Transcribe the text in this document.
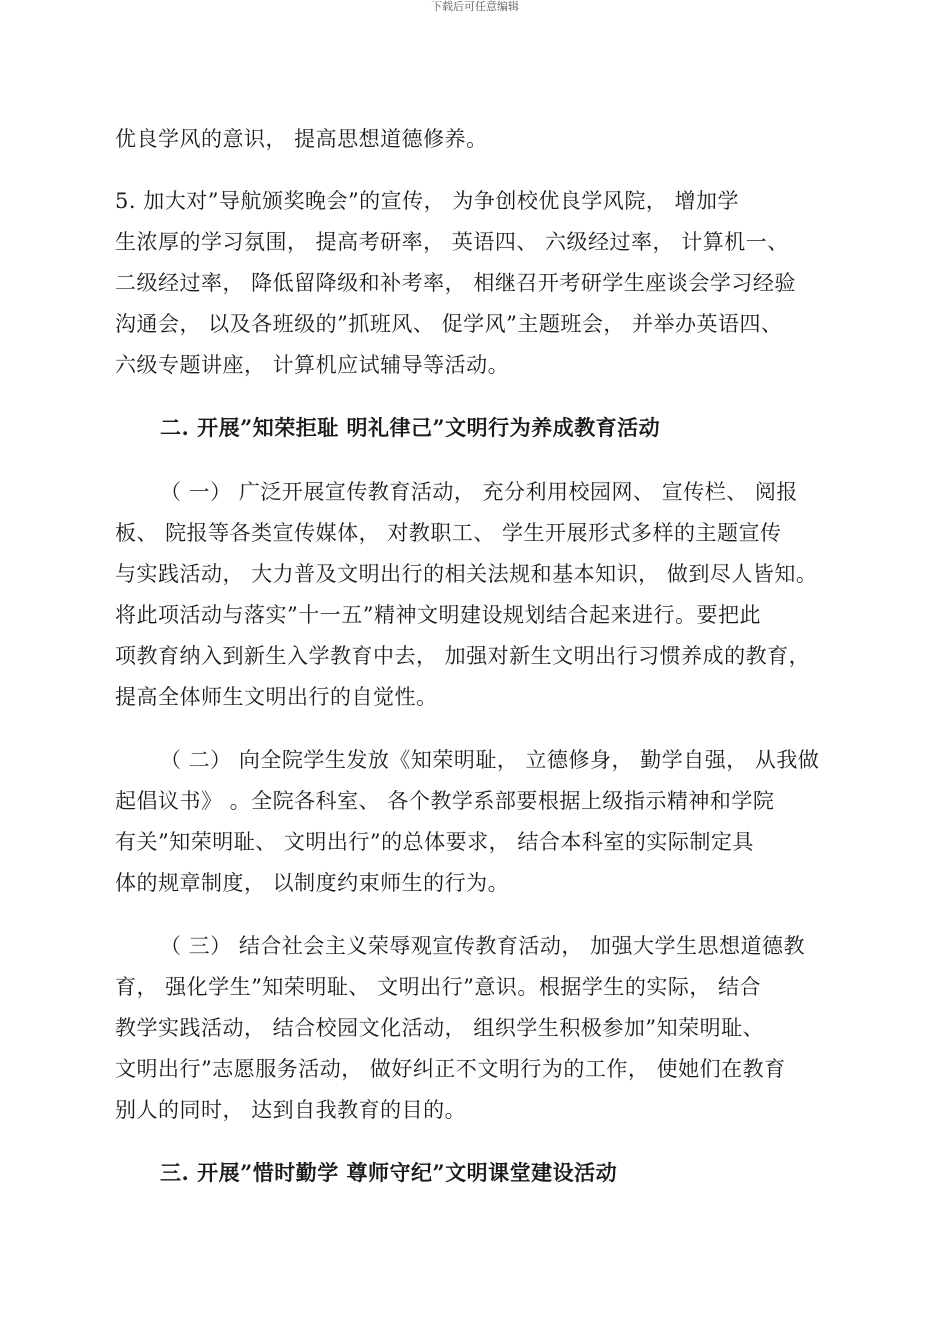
下载后可任意编辑
优良学风的意识， 提高思想道德修养。
5. 加大对”导航颁奖晚会”的宣传， 为争创校优良学风院， 增加学
生浓厚的学习氛围， 提高考研率， 英语四、 六级经过率， 计算机一、
二级经过率， 降低留降级和补考率， 相继召开考研学生座谈会学习经验
沟通会， 以及各班级的”抓班风、 促学风”主题班会， 并举办英语四、
六级专题讲座， 计算机应试辅导等活动。
二. 开展”知荣拒耻 明礼律己”文明行为养成教育活动
（ 一） 广泛开展宣传教育活动， 充分利用校园网、 宣传栏、 阅报
板、 院报等各类宣传媒体， 对教职工、 学生开展形式多样的主题宣传
与实践活动， 大力普及文明出行的相关法规和基本知识， 做到尽人皆知。
将此项活动与落实”十一五”精神文明建设规划结合起来进行。要把此
项教育纳入到新生入学教育中去， 加强对新生文明出行习惯养成的教育，
提高全体师生文明出行的自觉性。
（ 二） 向全院学生发放《知荣明耻， 立德修身， 勤学自强， 从我做
起倡议书》 。全院各科室、 各个教学系部要根据上级指示精神和学院
有关”知荣明耻、 文明出行”的总体要求， 结合本科室的实际制定具
体的规章制度， 以制度约束师生的行为。
（ 三） 结合社会主义荣辱观宣传教育活动， 加强大学生思想道德教
育， 强化学生”知荣明耻、 文明出行”意识。根据学生的实际， 结合
教学实践活动， 结合校园文化活动， 组织学生积极参加”知荣明耻、
文明出行”志愿服务活动， 做好纠正不文明行为的工作， 使她们在教育
别人的同时， 达到自我教育的目的。
三. 开展”惜时勤学 尊师守纪”文明课堂建设活动
